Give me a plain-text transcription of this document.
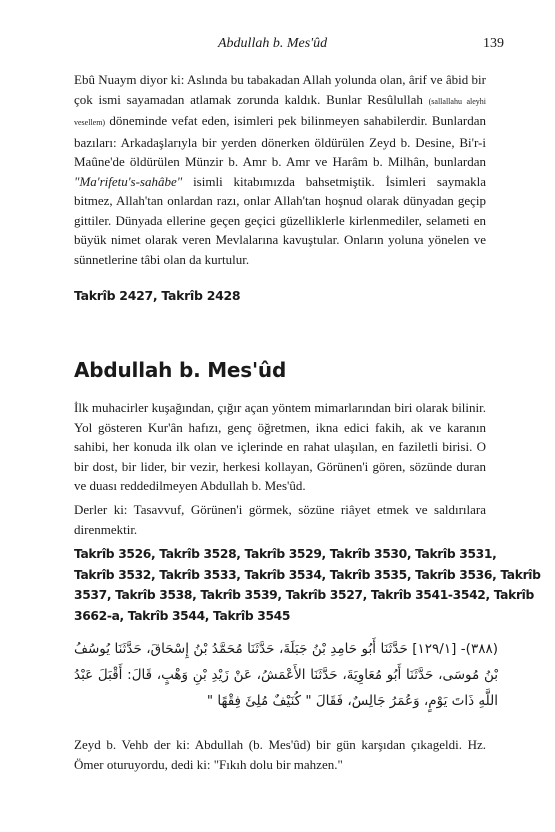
Abdullah b. Mes'ûd	139
Ebû Nuaym diyor ki: Aslında bu tabakadan Allah yolunda olan, ârif ve âbid bir çok ismi sayamadan atlamak zorunda kaldık. Bunlar Resûlullah (sallallahu aleyhi vesellem) döneminde vefat eden, isimleri pek bilinmeyen sahabilerdir. Bunlardan bazıları: Arkadaşlarıyla bir yerden dönerken öldürülen Zeyd b. Desine, Bi'r-i Maûne'de öldürülen Münzir b. Amr b. Amr ve Harâm b. Milhân, bunlardan "Ma'rifetu's-sahâbe" isimli kitabımızda bahsetmiştik. İsimleri saymakla bitmez, Allah'tan onlardan razı, onlar Allah'tan hoşnud olarak dünyadan geçip gittiler. Dünyada ellerine geçen geçici güzelliklerle kirlenmediler, selameti en büyük nimet olarak veren Mevlalarına kavuştular. Onların yoluna yönelen ve sünnetlerine tâbi olan da kurtulur.
Takrîb 2427, Takrîb 2428
Abdullah b. Mes'ûd
İlk muhacirler kuşağından, çığır açan yöntem mimarlarından biri olarak bilinir. Yol gösteren Kur'ân hafızı, genç öğretmen, ikna edici fakih, ak ve karanın sahibi, her konuda ilk olan ve içlerinde en rahat ulaşılan, en faziletli birisi. O bir dost, bir lider, bir vezir, herkesi kollayan, Görünen'i gören, sözünde duran ve duası reddedilmeyen Abdullah b. Mes'ûd.
Derler ki: Tasavvuf, Görünen'i görmek, sözüne riâyet etmek ve saldırılara direnmektir.
Takrîb 3526, Takrîb 3528, Takrîb 3529, Takrîb 3530, Takrîb 3531,
Takrîb 3532, Takrîb 3533, Takrîb 3534, Takrîb 3535, Takrîb 3536, Takrîb
3537, Takrîb 3538, Takrîb 3539, Takrîb 3527, Takrîb 3541-3542, Takrîb
3662-a, Takrîb 3544, Takrîb 3545
(٣٨٨)- [١٢٩/١] حَدَّثَنَا أَبُو حَامِدِ بْنُ جَبَلَةَ، حَدَّثَنَا مُحَمَّدُ بْنُ إِسْحَاقَ، حَدَّثَنَا يُوسُفُ بْنُ مُوسَى، حَدَّثَنَا أَبُو مُعَاوِيَةَ، حَدَّثَنَا الأَعْمَشُ، عَنْ زَيْدِ بْنِ وَهْبٍ، قَالَ: أَقْبَلَ عَبْدُ اللَّهِ ذَاتَ يَوْمٍ، وَعُمَرُ جَالِسٌ، فَقَالَ " كُنَيْفٌ مُلِئَ فِقْهًا "
Zeyd b. Vehb der ki: Abdullah (b. Mes'ûd) bir gün karşıdan çıkageldi. Hz. Ömer oturuyordu, dedi ki: "Fıkıh dolu bir mahzen."
